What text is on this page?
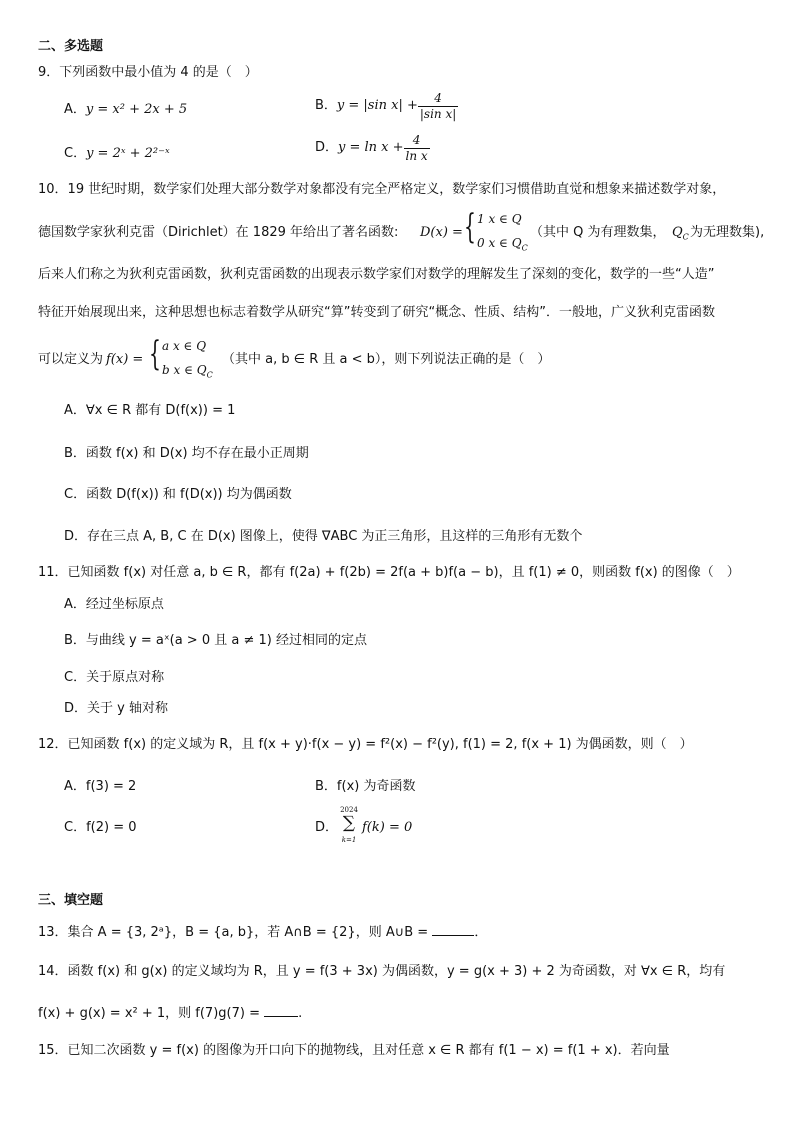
二、多选题
9．下列函数中最小值为 4 的是（　）
A．y = x² + 2x + 5	B．y = |sin $x| + \frac{4}{\text{|sin x|}}$
C．y = 2ˣ + 2²⁻ˣ	D．$y = \ln x + \frac{4}{\text{ln x}}$
10．19 世纪时期，数学家们处理大部分数学对象都没有完全严格定义，数学家们习惯借助直觉和想象来描述数学对象，
德国数学家狄利克雷（Dirichlet）在 1829 年给出了著名函数: D(x) = { 1 x ∈ Q
0 x ∈ $Q_C$
（其中 Q 为有理数集， $Q_C$ 为无理数集),
后来人们称之为狄利克雷函数，狄利克雷函数的出现表示数学家们对数学的理解发生了深刻的变化，数学的一些“人造”
特征开始展现出来，这种思想也标志着数学从研究“算”转变到了研究“概念、性质、结构”．一般地，广义狄利克雷函数
可以定义为 f(x) = { a x ∈ Q
b x ∈ $Q_C$
（其中 a, b ∈ R 且 a < b），则下列说法正确的是（　）
A．∀x ∈ R 都有 D(f(x)) = 1
B．函数 f(x) 和 D(x) 均不存在最小正周期
C．函数 D(f(x)) 和 f(D(x)) 均为偶函数
D．存在三点 A, B, C 在 D(x) 图像上，使得 ∇ABC 为正三角形，且这样的三角形有无数个
11．已知函数 f(x) 对任意 a, b ∈ R，都有 f(2a) + f(2b) = 2f(a + b)f(a − b)，且 f(1) ≠ 0，则函数 f(x) 的图像（　）
A．经过坐标原点
B．与曲线 y = aˣ(a > 0 且 a ≠ 1) 经过相同的定点
C．关于原点对称
D．关于 y 轴对称
12．已知函数 f(x) 的定义域为 R，且 f(x + y)·f(x − y) = f²(x) − f²(y), f(1) = 2, f(x + 1) 为偶函数，则（　）
A．f(3) = 2	B．f(x) 为奇函数
C．f(2) = 0	D．
2024
∑
k=1
f(k) = 0
三、填空题
13．集合 A = {3, 2ᵃ}，B = {a, b}，若 A∩B = {2}，则 A∪B =	．
14．函数 f(x) 和 g(x) 的定义域均为 R，且 y = f(3 + 3x) 为偶函数，y = g(x + 3) + 2 为奇函数，对 ∀x ∈ R，均有
f(x) + g(x) = x² + 1，则 f(7)g(7) =	.
15．已知二次函数 y = f(x) 的图像为开口向下的抛物线，且对任意 x ∈ R 都有 f(1 − x) = f(1 + x)．若向量
